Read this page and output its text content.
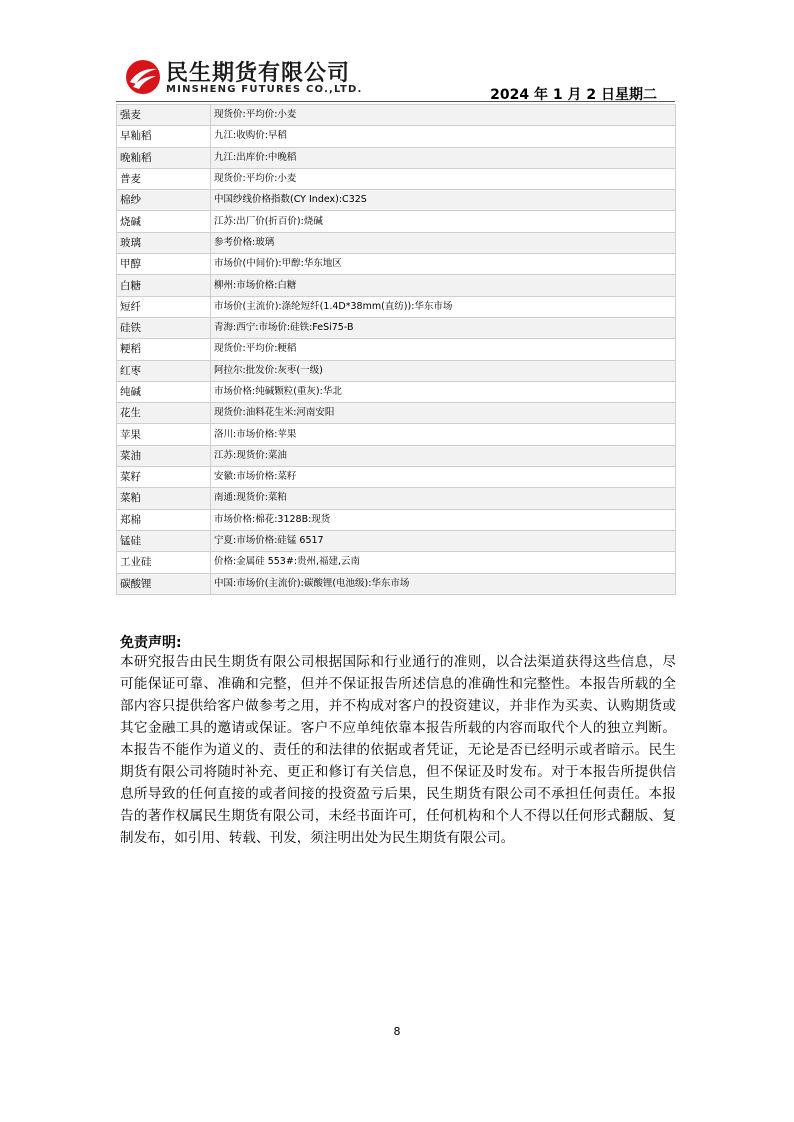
民生期货有限公司
MINSHENG FUTURES CO.,LTD.	2024 年 1 月 2 日星期二
强麦	现货价:平均价:小麦
早籼稻	九江:收购价:早稻
晚籼稻	九江:出库价:中晚稻
普麦	现货价:平均价:小麦
棉纱	中国纱线价格指数(CY Index):C32S
烧碱	江苏:出厂价(折百价):烧碱
玻璃	参考价格:玻璃
甲醇	市场价(中间价):甲醇:华东地区
白糖	柳州:市场价格:白糖
短纤	市场价(主流价):涤纶短纤(1.4D*38mm(直纺)):华东市场
硅铁	青海:西宁:市场价:硅铁:FeSi75-B
粳稻	现货价:平均价:粳稻
红枣	阿拉尔:批发价:灰枣(一级)
纯碱	市场价格:纯碱颗粒(重灰):华北
花生	现货价:油料花生米:河南安阳
苹果	洛川:市场价格:苹果
菜油	江苏:现货价:菜油
菜籽	安徽:市场价格:菜籽
菜粕	南通:现货价:菜粕
郑棉	市场价格:棉花:3128B:现货
锰硅	宁夏:市场价格:硅锰 6517
工业硅	价格:金属硅 553#:贵州,福建,云南
碳酸锂	中国:市场价(主流价):碳酸锂(电池级):华东市场
免责声明:
本研究报告由民生期货有限公司根据国际和行业通行的准则，以合法渠道获得这些信息，尽可能保证可靠、准确和完整，但并不保证报告所述信息的准确性和完整性。本报告所载的全部内容只提供给客户做参考之用，并不构成对客户的投资建议，并非作为买卖、认购期货或其它金融工具的邀请或保证。客户不应单纯依靠本报告所载的内容而取代个人的独立判断。本报告不能作为道义的、责任的和法律的依据或者凭证，无论是否已经明示或者暗示。民生期货有限公司将随时补充、更正和修订有关信息，但不保证及时发布。对于本报告所提供信息所导致的任何直接的或者间接的投资盈亏后果，民生期货有限公司不承担任何责任。本报告的著作权属民生期货有限公司，未经书面许可，任何机构和个人不得以任何形式翻版、复制发布，如引用、转载、刊发，须注明出处为民生期货有限公司。
8
